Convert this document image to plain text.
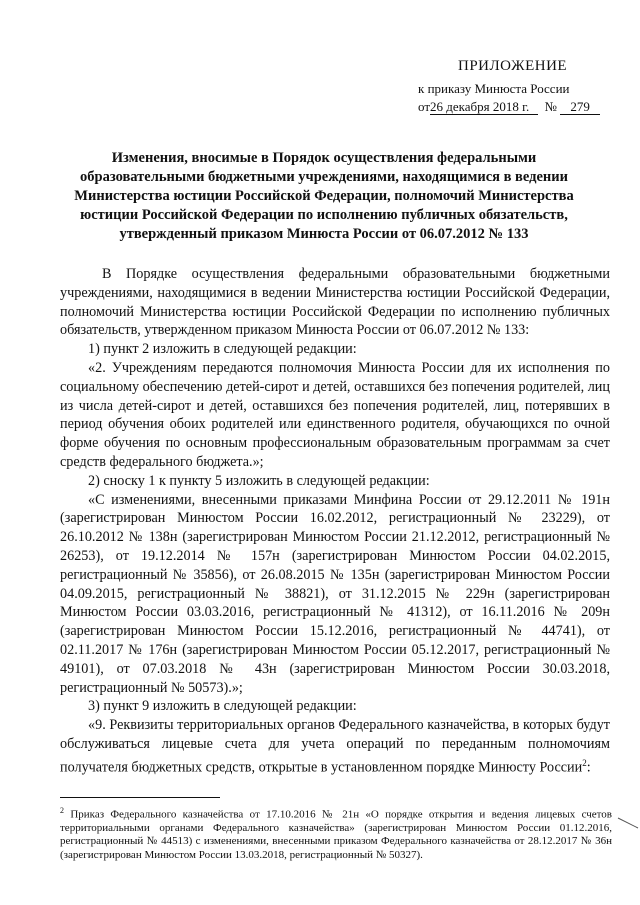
ПРИЛОЖЕНИЕ
к приказу Минюста России
от26 декабря 2018 г. № 279
Изменения, вносимые в Порядок осуществления федеральными образовательными бюджетными учреждениями, находящимися в ведении Министерства юстиции Российской Федерации, полномочий Министерства юстиции Российской Федерации по исполнению публичных обязательств, утвержденный приказом Минюста России от 06.07.2012 № 133

В Порядке осуществления федеральными образовательными бюджетными учреждениями, находящимися в ведении Министерства юстиции Российской Федерации, полномочий Министерства юстиции Российской Федерации по исполнению публичных обязательств, утвержденном приказом Минюста России от 06.07.2012 № 133:

1) пункт 2 изложить в следующей редакции:

«2. Учреждениям передаются полномочия Минюста России для их исполнения по социальному обеспечению детей-сирот и детей, оставшихся без попечения родителей, лиц из числа детей-сирот и детей, оставшихся без попечения родителей, лиц, потерявших в период обучения обоих родителей или единственного родителя, обучающихся по очной форме обучения по основным профессиональным образовательным программам за счет средств федерального бюджета.»;

2) сноску 1 к пункту 5 изложить в следующей редакции:

«С изменениями, внесенными приказами Минфина России от 29.12.2011 № 191н (зарегистрирован Минюстом России 16.02.2012, регистрационный № 23229), от 26.10.2012 № 138н (зарегистрирован Минюстом России 21.12.2012, регистрационный № 26253), от 19.12.2014 № 157н (зарегистрирован Минюстом России 04.02.2015, регистрационный № 35856), от 26.08.2015 № 135н (зарегистрирован Минюстом России 04.09.2015, регистрационный № 38821), от 31.12.2015 № 229н (зарегистрирован Минюстом России 03.03.2016, регистрационный № 41312), от 16.11.2016 № 209н (зарегистрирован Минюстом России 15.12.2016, регистрационный № 44741), от 02.11.2017 № 176н (зарегистрирован Минюстом России 05.12.2017, регистрационный № 49101), от 07.03.2018 № 43н (зарегистрирован Минюстом России 30.03.2018, регистрационный № 50573).»;

3) пункт 9 изложить в следующей редакции:

«9. Реквизиты территориальных органов Федерального казначейства, в которых будут обслуживаться лицевые счета для учета операций по переданным полномочиям получателя бюджетных средств, открытые в установленном порядке Минюсту России$^2$:

$^2$ Приказ Федерального казначейства от 17.10.2016 № 21н «О порядке открытия и ведения лицевых счетов территориальными органами Федерального казначейства» (зарегистрирован Минюстом России 01.12.2016, регистрационный № 44513) с изменениями, внесенными приказом Федерального казначейства от 28.12.2017 № 36н (зарегистрирован Минюстом России 13.03.2018, регистрационный № 50327).
